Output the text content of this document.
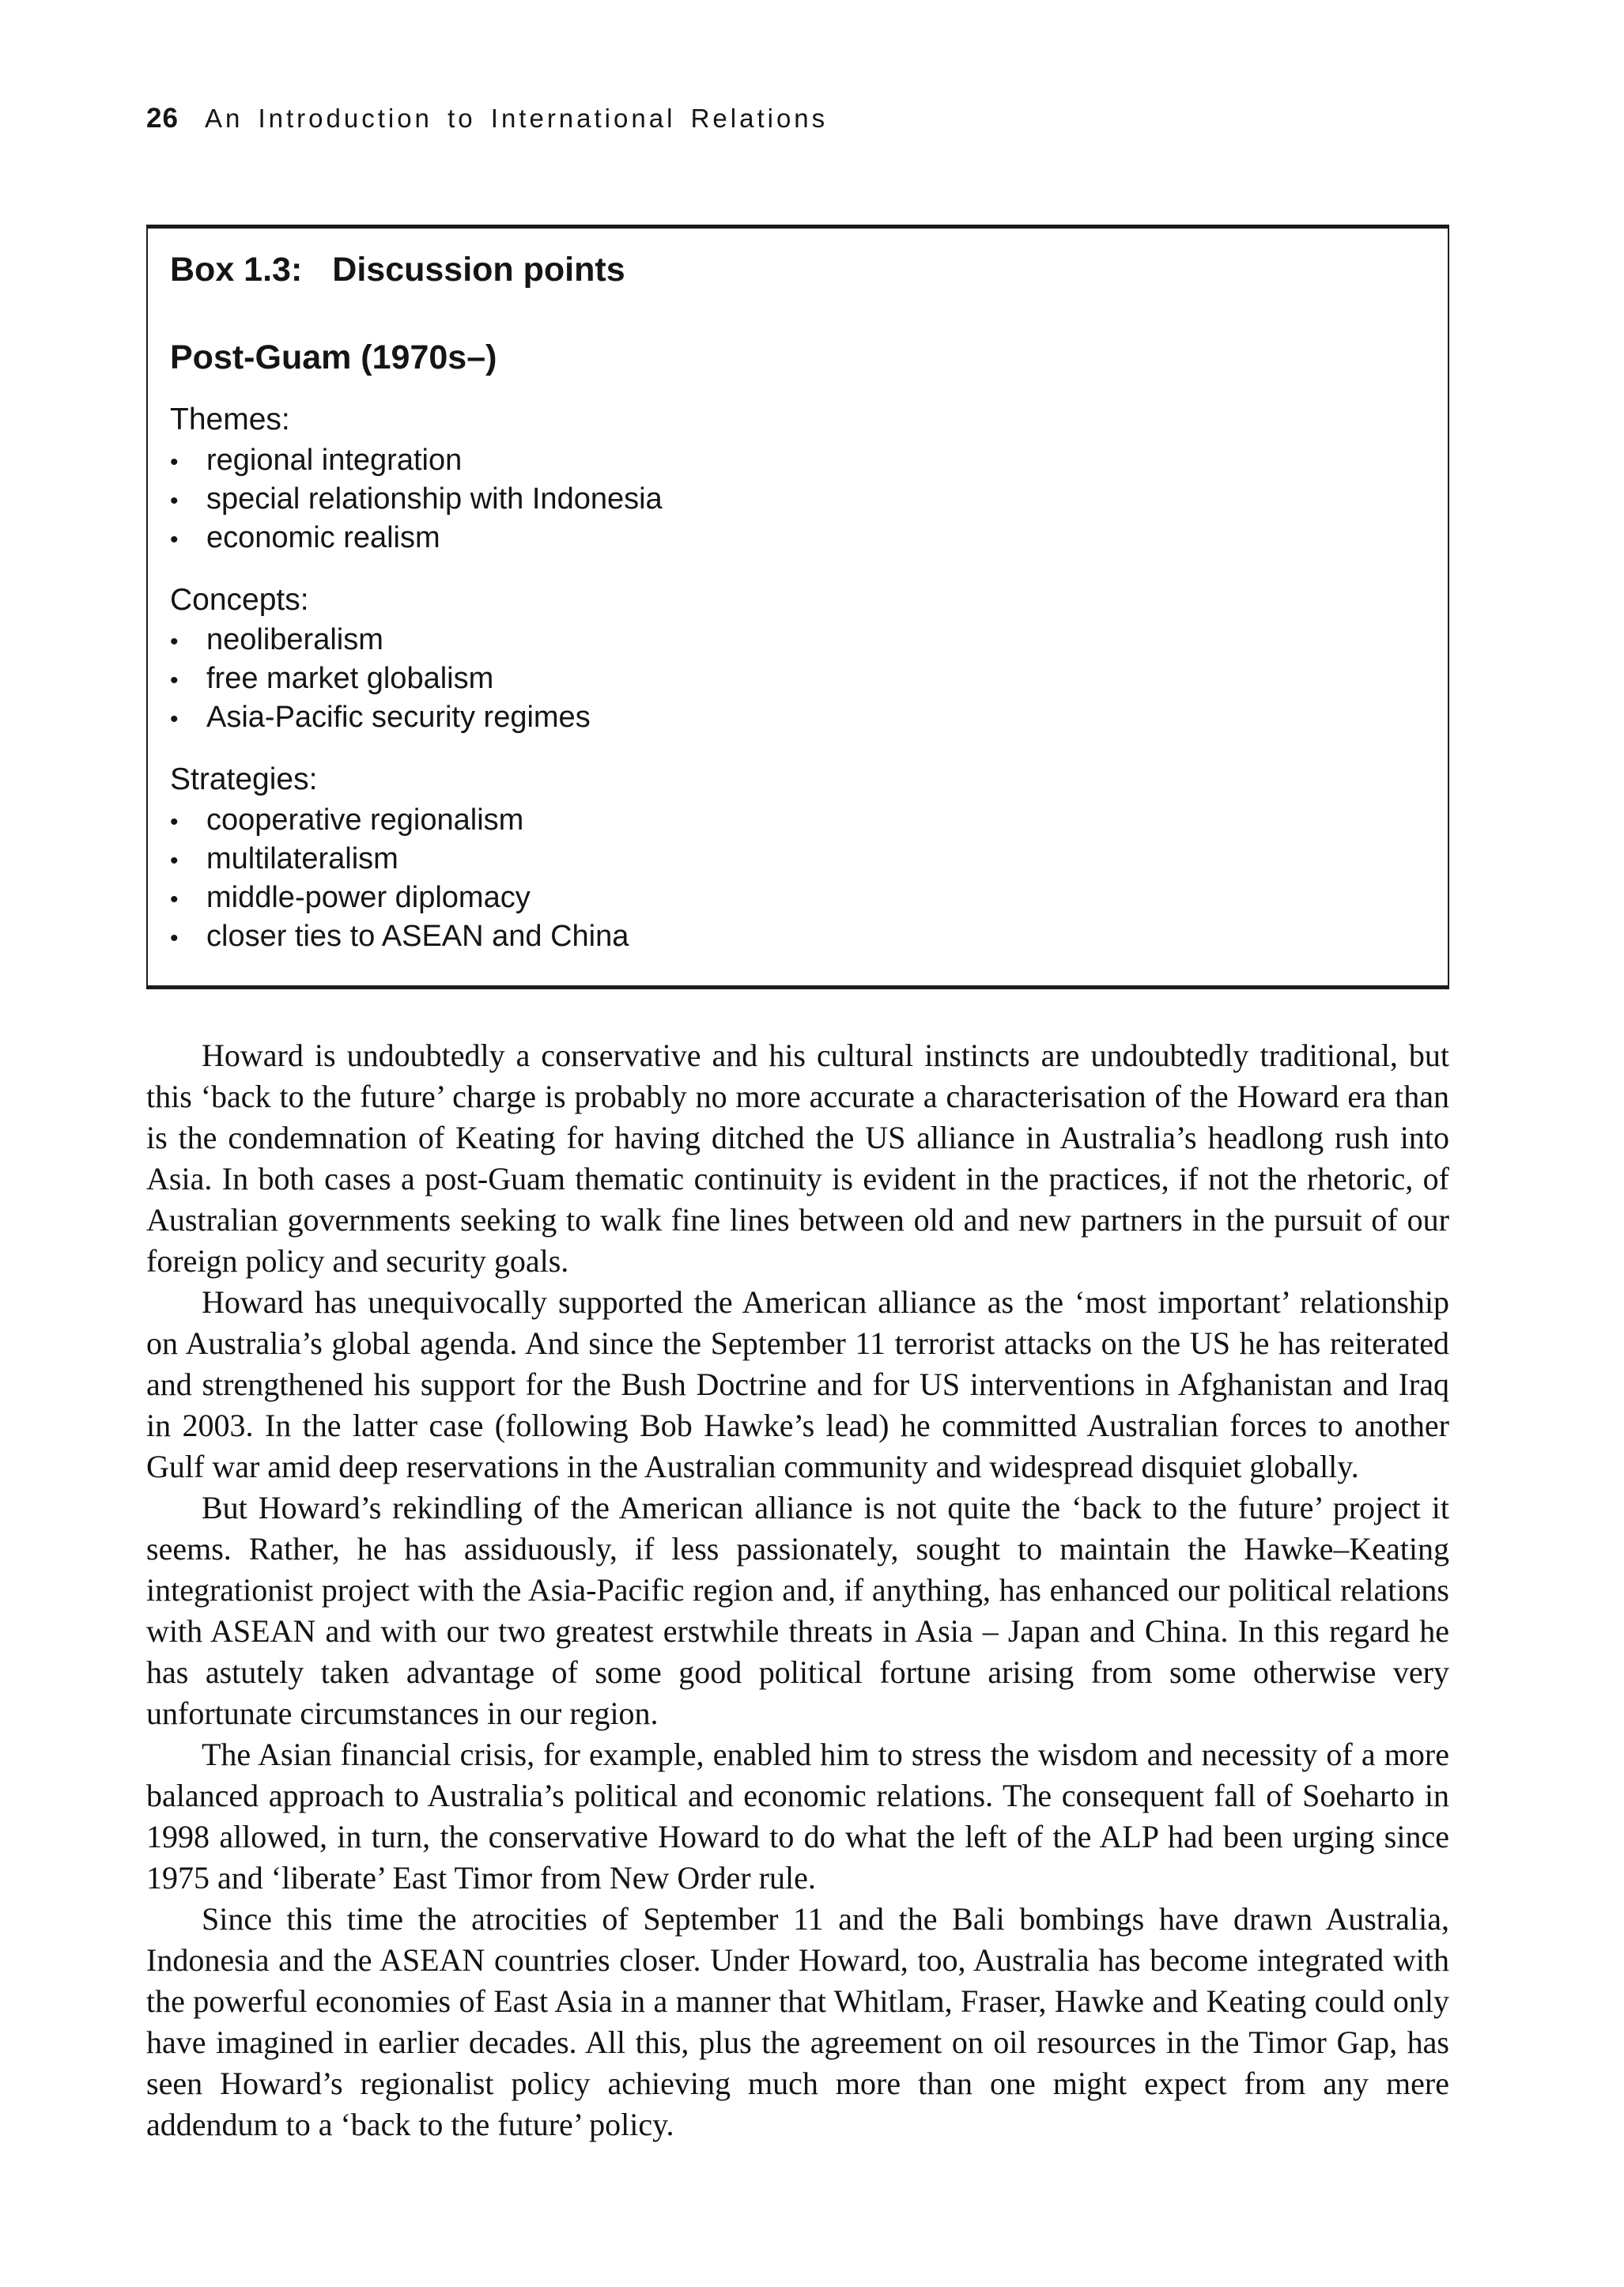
26 An Introduction to International Relations
Box 1.3: Discussion points
Post-Guam (1970s–)
Themes:
• regional integration
• special relationship with Indonesia
• economic realism
Concepts:
• neoliberalism
• free market globalism
• Asia-Pacific security regimes
Strategies:
• cooperative regionalism
• multilateralism
• middle-power diplomacy
• closer ties to ASEAN and China

Howard is undoubtedly a conservative and his cultural instincts are undoubtedly traditional, but this ‘back to the future’ charge is probably no more accurate a characterisation of the Howard era than is the condemnation of Keating for having ditched the US alliance in Australia’s headlong rush into Asia. In both cases a post-Guam thematic continuity is evident in the practices, if not the rhetoric, of Australian governments seeking to walk fine lines between old and new partners in the pursuit of our foreign policy and security goals.

Howard has unequivocally supported the American alliance as the ‘most important’ relationship on Australia’s global agenda. And since the September 11 terrorist attacks on the US he has reiterated and strengthened his support for the Bush Doctrine and for US interventions in Afghanistan and Iraq in 2003. In the latter case (following Bob Hawke’s lead) he committed Australian forces to another Gulf war amid deep reservations in the Australian community and widespread disquiet globally.

But Howard’s rekindling of the American alliance is not quite the ‘back to the future’ project it seems. Rather, he has assiduously, if less passionately, sought to maintain the Hawke–Keating integrationist project with the Asia-Pacific region and, if anything, has enhanced our political relations with ASEAN and with our two greatest erstwhile threats in Asia – Japan and China. In this regard he has astutely taken advantage of some good political fortune arising from some otherwise very unfortunate circumstances in our region.

The Asian financial crisis, for example, enabled him to stress the wisdom and necessity of a more balanced approach to Australia’s political and economic relations. The consequent fall of Soeharto in 1998 allowed, in turn, the conservative Howard to do what the left of the ALP had been urging since 1975 and ‘liberate’ East Timor from New Order rule.

Since this time the atrocities of September 11 and the Bali bombings have drawn Australia, Indonesia and the ASEAN countries closer. Under Howard, too, Australia has become integrated with the powerful economies of East Asia in a manner that Whitlam, Fraser, Hawke and Keating could only have imagined in earlier decades. All this, plus the agreement on oil resources in the Timor Gap, has seen Howard’s regionalist policy achieving much more than one might expect from any mere addendum to a ‘back to the future’ policy.
